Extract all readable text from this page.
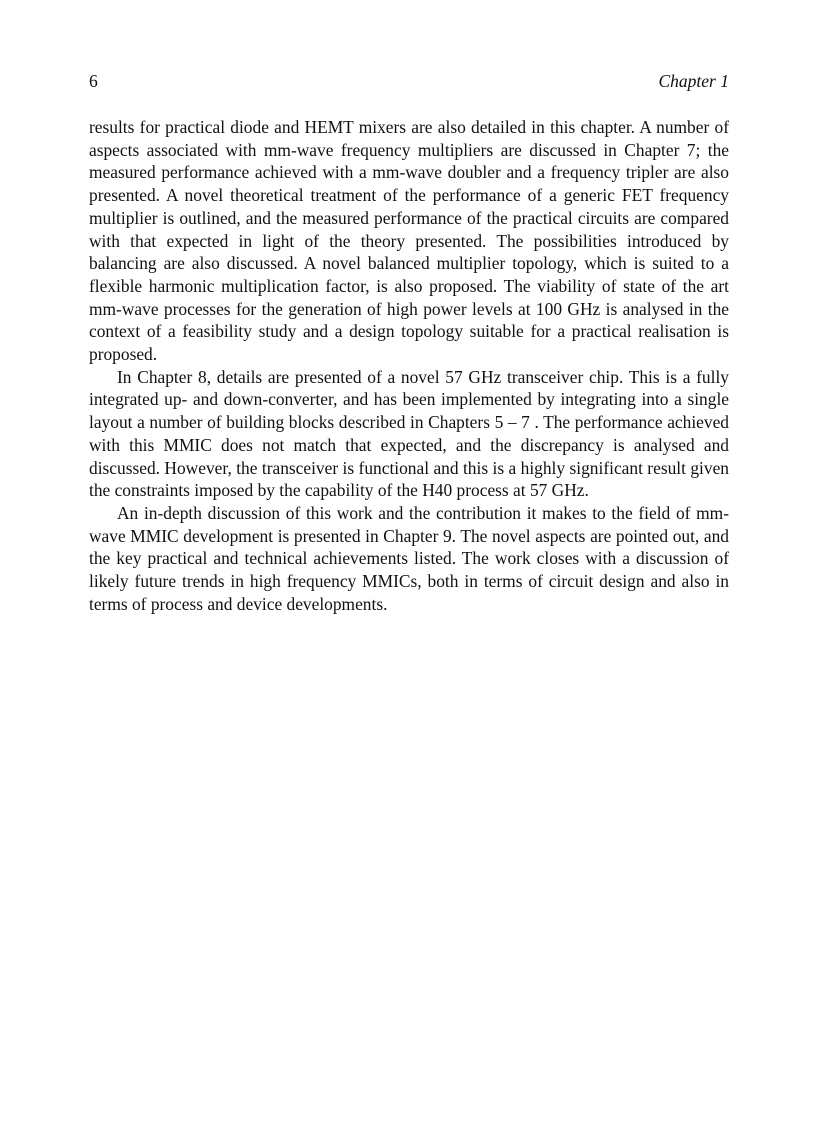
6	Chapter 1

results for practical diode and HEMT mixers are also detailed in this chapter. A number of aspects associated with mm-wave frequency multipliers are discussed in Chapter 7; the measured performance achieved with a mm-wave doubler and a frequency tripler are also presented. A novel theoretical treatment of the performance of a generic FET frequency multiplier is outlined, and the measured performance of the practical circuits are compared with that expected in light of the theory presented. The possibilities introduced by balancing are also discussed. A novel balanced multiplier topology, which is suited to a flexible harmonic multiplication factor, is also proposed. The viability of state of the art mm-wave processes for the generation of high power levels at 100 GHz is analysed in the context of a feasibility study and a design topology suitable for a practical realisation is proposed.

In Chapter 8, details are presented of a novel 57 GHz transceiver chip. This is a fully integrated up- and down-converter, and has been implemented by integrating into a single layout a number of building blocks described in Chapters 5 – 7 . The performance achieved with this MMIC does not match that expected, and the discrepancy is analysed and discussed. However, the transceiver is functional and this is a highly significant result given the constraints imposed by the capability of the H40 process at 57 GHz.

An in-depth discussion of this work and the contribution it makes to the field of mm-wave MMIC development is presented in Chapter 9. The novel aspects are pointed out, and the key practical and technical achievements listed. The work closes with a discussion of likely future trends in high frequency MMICs, both in terms of circuit design and also in terms of process and device developments.
